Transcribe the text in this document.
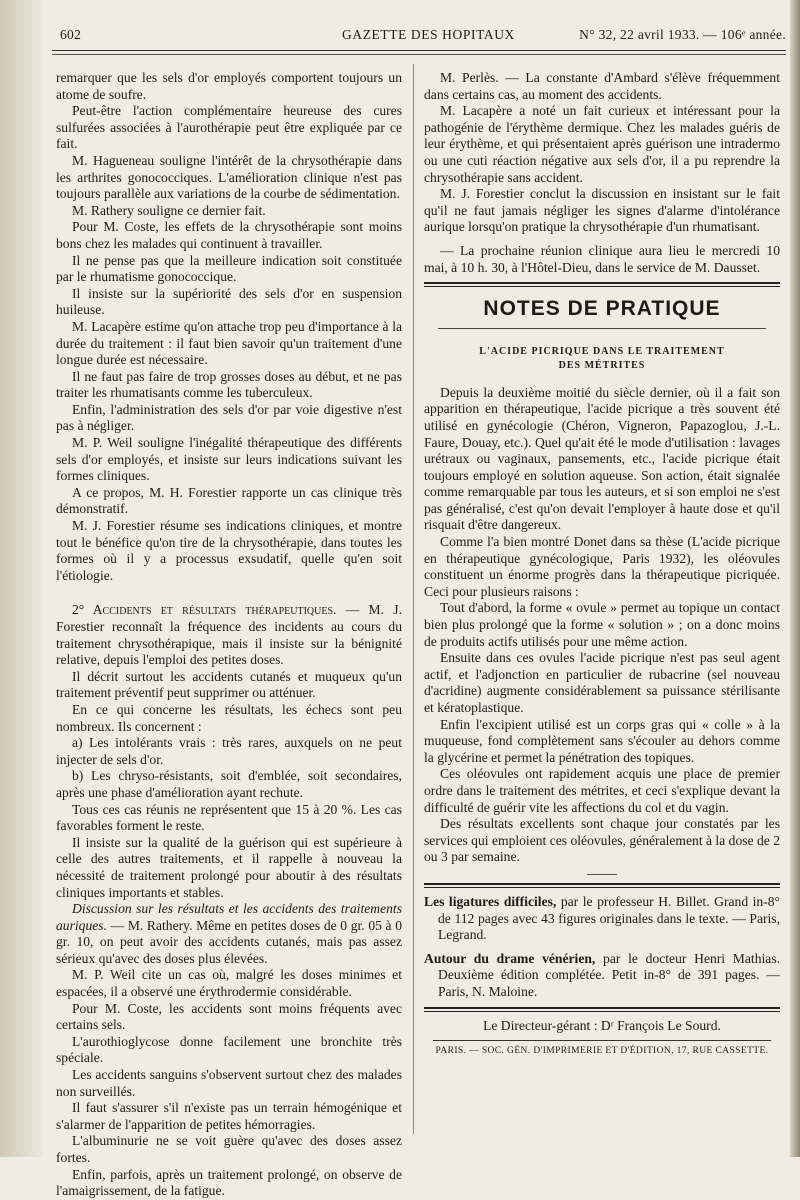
602	GAZETTE DES HOPITAUX	N° 32, 22 avril 1933. — 106ᵉ année.

remarquer que les sels d'or employés comportent toujours un atome de soufre.

Peut-être l'action complémentaire heureuse des cures sulfurées associées à l'aurothérapie peut être expliquée par ce fait.

M. Hagueneau souligne l'intérêt de la chrysothérapie dans les arthrites gonococciques. L'amélioration clinique n'est pas toujours parallèle aux variations de la courbe de sédimentation.

M. Rathery souligne ce dernier fait.

Pour M. Coste, les effets de la chrysothérapie sont moins bons chez les malades qui continuent à travailler.

Il ne pense pas que la meilleure indication soit constituée par le rhumatisme gonococcique.

Il insiste sur la supériorité des sels d'or en suspension huileuse.

M. Lacapère estime qu'on attache trop peu d'importance à la durée du traitement : il faut bien savoir qu'un traitement d'une longue durée est nécessaire.

Il ne faut pas faire de trop grosses doses au début, et ne pas traiter les rhumatisants comme les tuberculeux.

Enfin, l'administration des sels d'or par voie digestive n'est pas à négliger.

M. P. Weil souligne l'inégalité thérapeutique des différents sels d'or employés, et insiste sur leurs indications suivant les formes cliniques.

A ce propos, M. H. Forestier rapporte un cas clinique très démonstratif.

M. J. Forestier résume ses indications cliniques, et montre tout le bénéfice qu'on tire de la chrysothérapie, dans toutes les formes où il y a processus exsudatif, quelle qu'en soit l'étiologie.

2° Accidents et résultats thérapeutiques. — M. J. Forestier reconnaît la fréquence des incidents au cours du traitement chrysothérapique, mais il insiste sur la bénignité relative, depuis l'emploi des petites doses.

Il décrit surtout les accidents cutanés et muqueux qu'un traitement préventif peut supprimer ou atténuer.

En ce qui concerne les résultats, les échecs sont peu nombreux. Ils concernent :

a) Les intolérants vrais : très rares, auxquels on ne peut injecter de sels d'or.

b) Les chryso-résistants, soit d'emblée, soit secondaires, après une phase d'amélioration ayant rechute.

Tous ces cas réunis ne représentent que 15 à 20 %. Les cas favorables forment le reste.

Il insiste sur la qualité de la guérison qui est supérieure à celle des autres traitements, et il rappelle à nouveau la nécessité de traitement prolongé pour aboutir à des résultats cliniques importants et stables.

Discussion sur les résultats et les accidents des traitements auriques. — M. Rathery. Même en petites doses de 0 gr. 05 à 0 gr. 10, on peut avoir des accidents cutanés, mais pas assez sérieux qu'avec des doses plus élevées.

M. P. Weil cite un cas où, malgré les doses minimes et espacées, il a observé une érythrodermie considérable.

Pour M. Coste, les accidents sont moins fréquents avec certains sels.

L'aurothioglycose donne facilement une bronchite très spéciale.

Les accidents sanguins s'observent surtout chez des malades non surveillés.

Il faut s'assurer s'il n'existe pas un terrain hémogénique et s'alarmer de l'apparition de petites hémorragies.

L'albuminurie ne se voit guère qu'avec des doses assez fortes.

Enfin, parfois, après un traitement prolongé, on observe de l'amaigrissement, de la fatigue.

M. Perlès. — La constante d'Ambard s'élève fréquemment dans certains cas, au moment des accidents.

M. Lacapère a noté un fait curieux et intéressant pour la pathogénie de l'érythème dermique. Chez les malades guéris de leur érythème, et qui présentaient après guérison une intradermo ou une cuti réaction négative aux sels d'or, il a pu reprendre la chrysothérapie sans accident.

M. J. Forestier conclut la discussion en insistant sur le fait qu'il ne faut jamais négliger les signes d'alarme d'intolérance aurique lorsqu'on pratique la chrysothérapie d'un rhumatisant.

— La prochaine réunion clinique aura lieu le mercredi 10 mai, à 10 h. 30, à l'Hôtel-Dieu, dans le service de M. Dausset.

NOTES DE PRATIQUE
L'ACIDE PICRIQUE DANS LE TRAITEMENT
DES MÉTRITES

Depuis la deuxième moitié du siècle dernier, où il a fait son apparition en thérapeutique, l'acide picrique a très souvent été utilisé en gynécologie (Chéron, Vigneron, Papazoglou, J.-L. Faure, Douay, etc.). Quel qu'ait été le mode d'utilisation : lavages urétraux ou vaginaux, pansements, etc., l'acide picrique était toujours employé en solution aqueuse. Son action, était signalée comme remarquable par tous les auteurs, et si son emploi ne s'est pas généralisé, c'est qu'on devait l'employer à haute dose et qu'il risquait d'être dangereux.

Comme l'a bien montré Donet dans sa thèse (L'acide picrique en thérapeutique gynécologique, Paris 1932), les oléovules constituent un énorme progrès dans la thérapeutique picriquée. Ceci pour plusieurs raisons :

Tout d'abord, la forme « ovule » permet au topique un contact bien plus prolongé que la forme « solution » ; on a donc moins de produits actifs utilisés pour une même action.

Ensuite dans ces ovules l'acide picrique n'est pas seul agent actif, et l'adjonction en particulier de rubacrine (sel nouveau d'acridine) augmente considérablement sa puissance stérilisante et kératoplastique.

Enfin l'excipient utilisé est un corps gras qui « colle » à la muqueuse, fond complètement sans s'écouler au dehors comme la glycérine et permet la pénétration des topiques.

Ces oléovules ont rapidement acquis une place de premier ordre dans le traitement des métrites, et ceci s'explique devant la difficulté de guérir vite les affections du col et du vagin.

Des résultats excellents sont chaque jour constatés par les services qui emploient ces oléovules, généralement à la dose de 2 ou 3 par semaine.

Les ligatures difficiles, par le professeur H. Billet. Grand in-8° de 112 pages avec 43 figures originales dans le texte. — Paris, Legrand.

Autour du drame vénérien, par le docteur Henri Mathias. Deuxième édition complétée. Petit in-8° de 391 pages. — Paris, N. Maloine.

Le Directeur-gérant : Dʳ François Le Sourd.
PARIS. — SOC. GÉN. D'IMPRIMERIE ET D'ÉDITION, 17, RUE CASSETTE.
